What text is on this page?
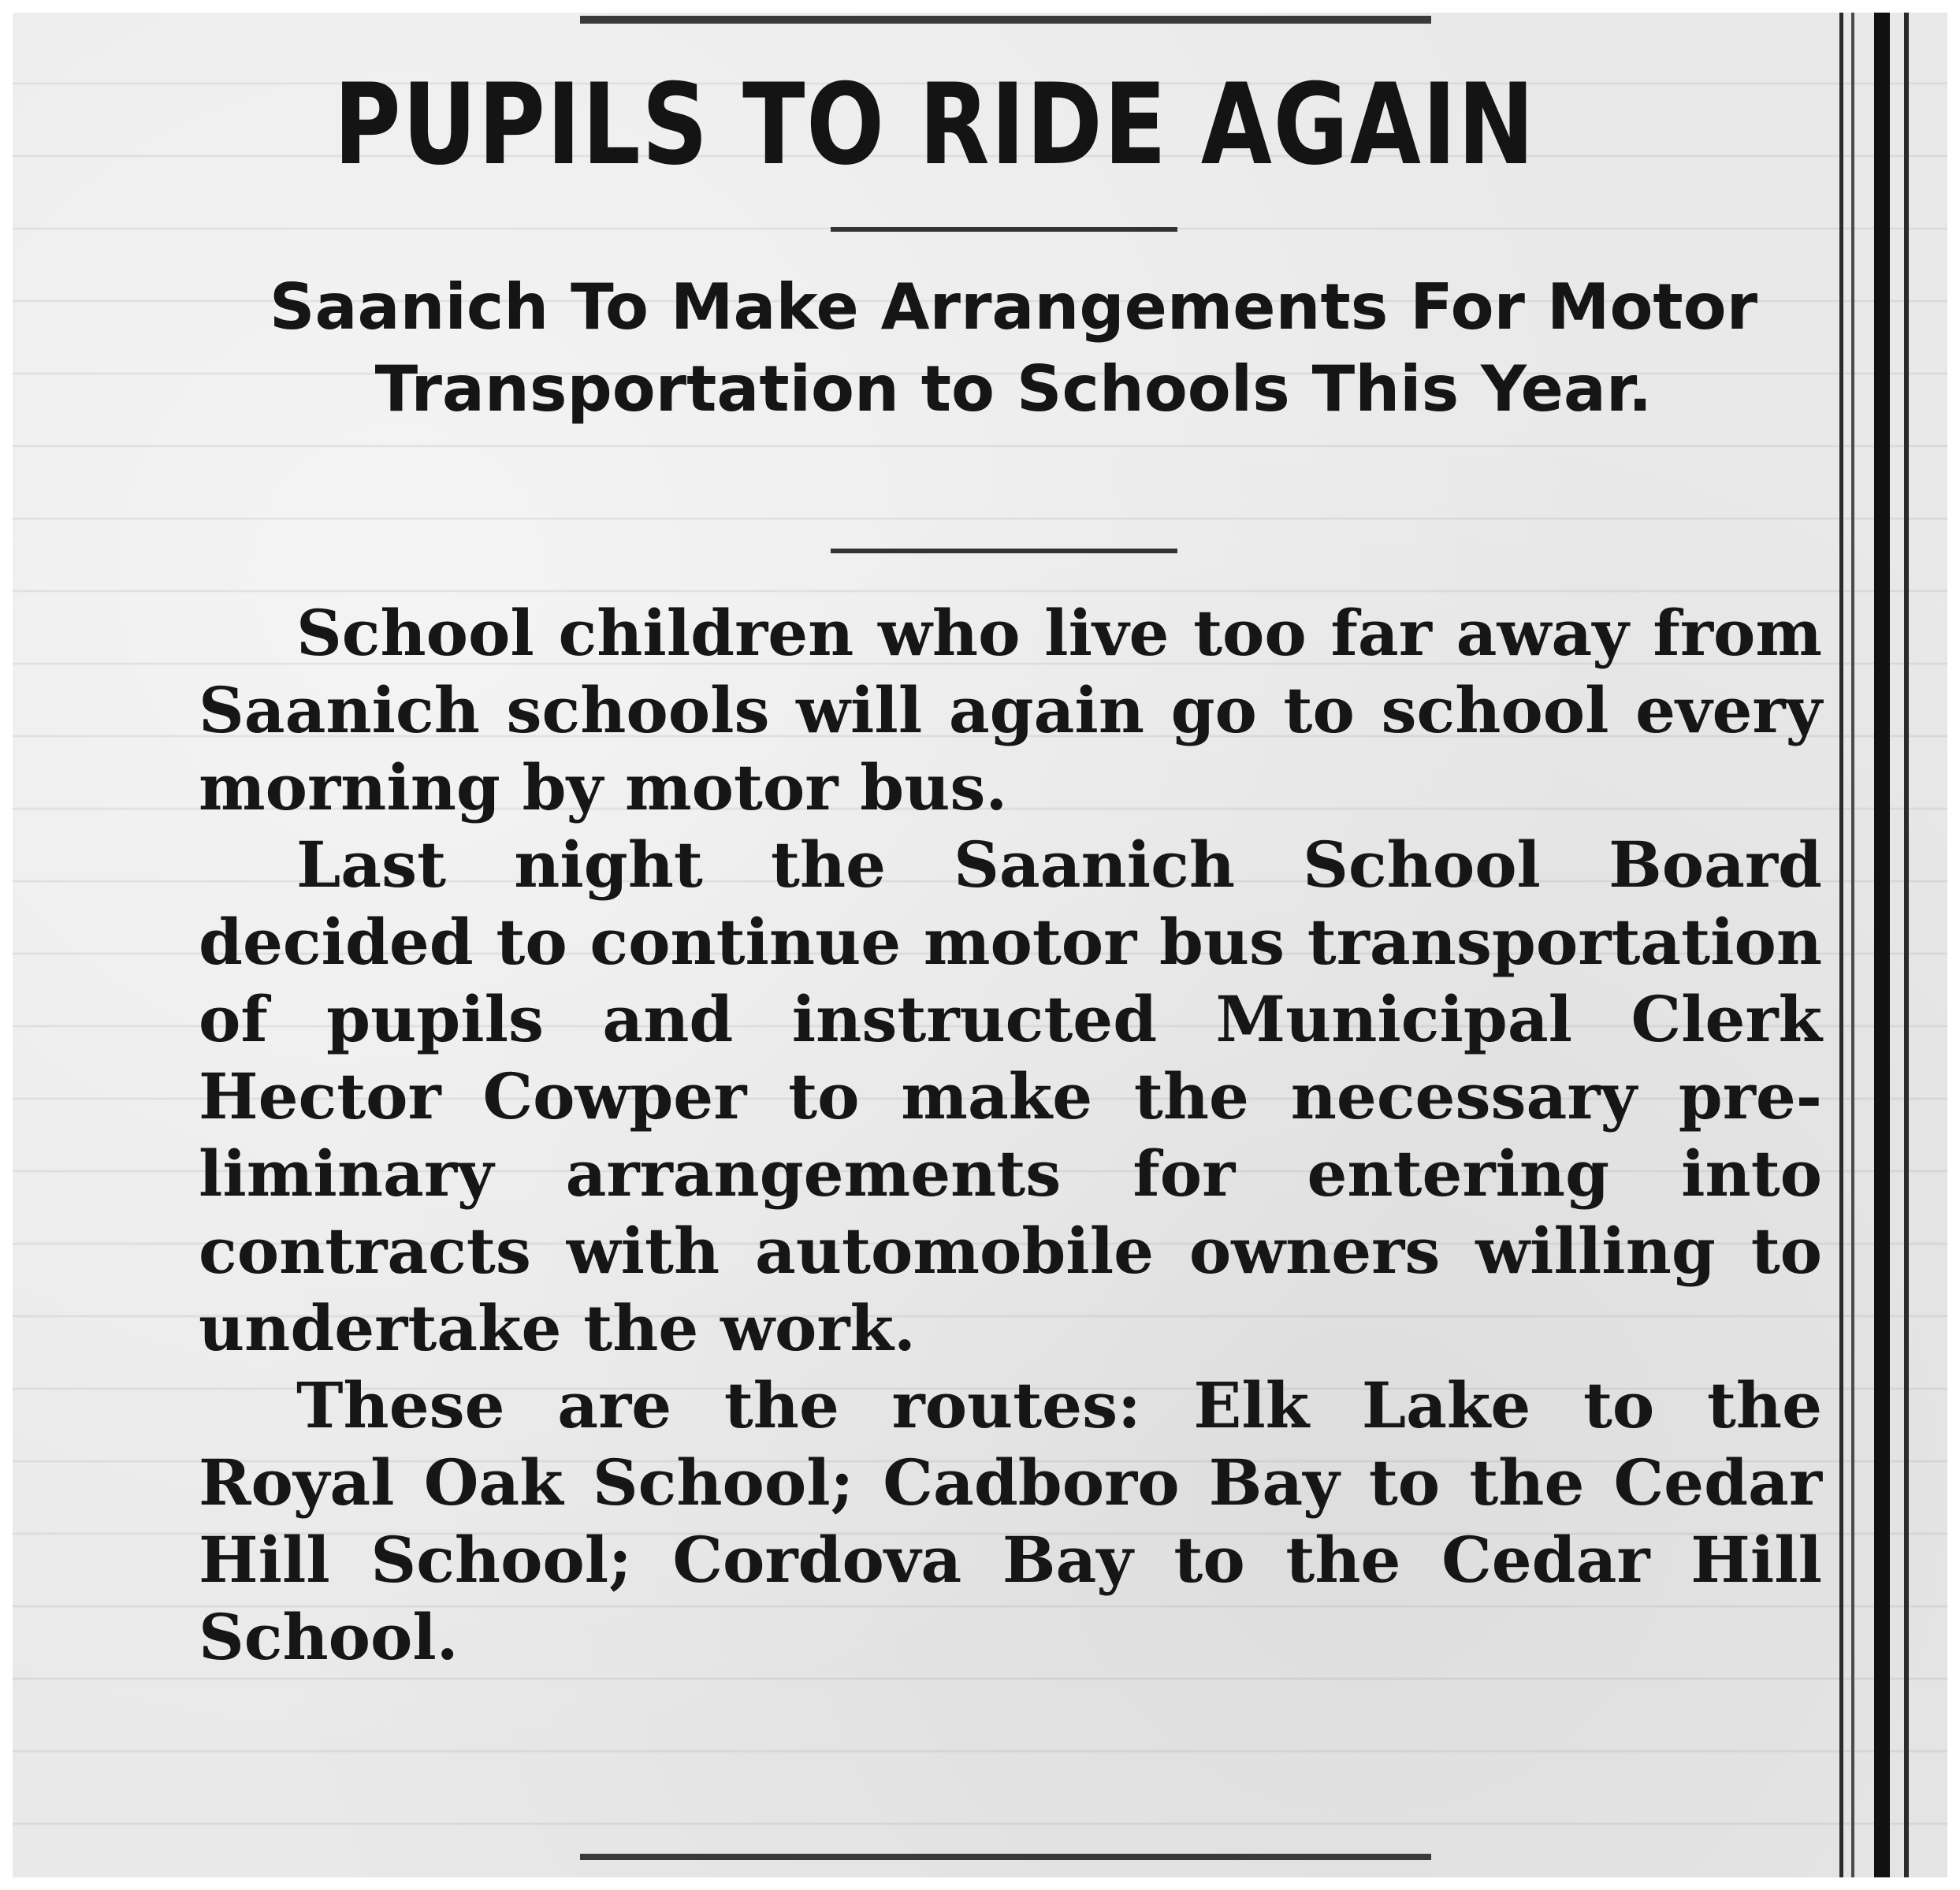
PUPILS TO RIDE AGAIN
Saanich To Make Arrangements For Motor Transportation to Schools This Year.

School children who live too far away from Saanich schools will again go to school every morning by motor bus.

Last night the Saanich School Board decided to continue motor bus transportation of pupils and instructed Municipal Clerk Hector Cowper to make the necessary preliminary arrangements for entering into contracts with automobile owners willing to undertake the work.

These are the routes: Elk Lake to the Royal Oak School; Cadboro Bay to the Cedar Hill School; Cordova Bay to the Cedar Hill School.
